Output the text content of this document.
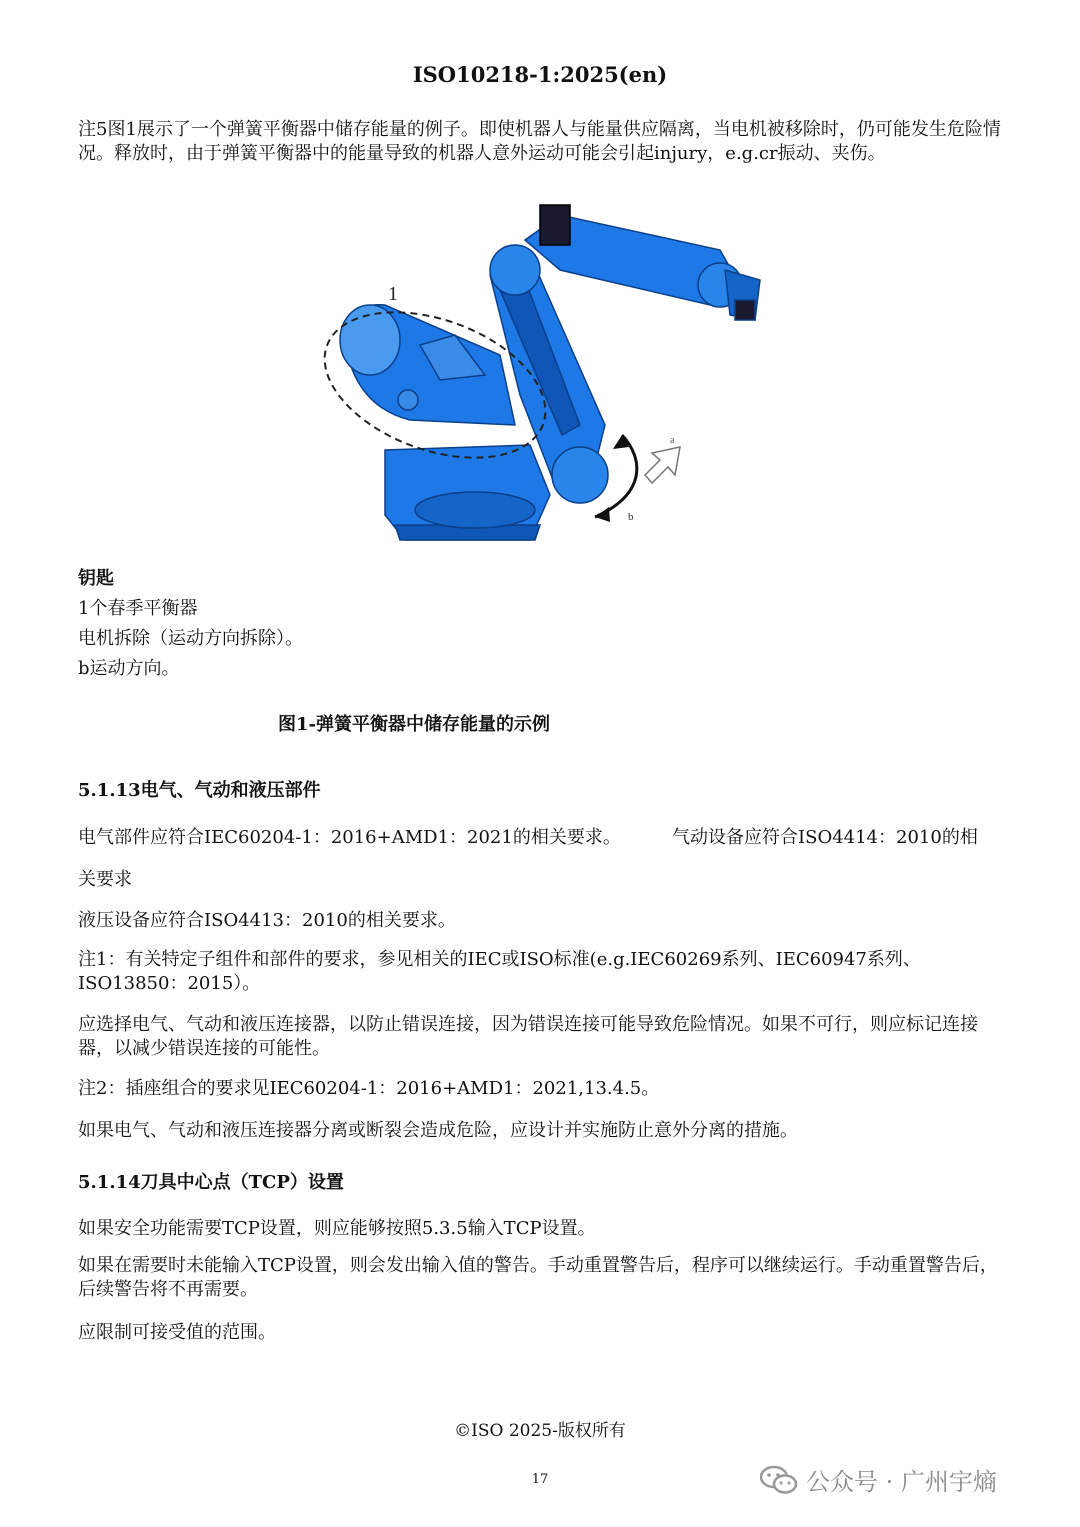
ISO10218-1:2025(en)
注5图1展示了一个弹簧平衡器中储存能量的例子。即使机器人与能量供应隔离，当电机被移除时，仍可能发生危险情况。释放时，由于弹簧平衡器中的能量导致的机器人意外运动可能会引起injury，e.g.cr振动、夹伤。
1
b
a
钥匙
1个春季平衡器
电机拆除（运动方向拆除）。
b运动方向。
图1-弹簧平衡器中储存能量的示例
5.1.13电气、气动和液压部件
电气部件应符合IEC60204-1：2016+AMD1：2021的相关要求。	气动设备应符合ISO4414：2010的相
关要求
液压设备应符合ISO4413：2010的相关要求。
注1：有关特定子组件和部件的要求，参见相关的IEC或ISO标准(e.g.IEC60269系列、IEC60947系列、ISO13850：2015）。
应选择电气、气动和液压连接器，以防止错误连接，因为错误连接可能导致危险情况。如果不可行，则应标记连接器，以减少错误连接的可能性。
注2：插座组合的要求见IEC60204-1：2016+AMD1：2021,13.4.5。
如果电气、气动和液压连接器分离或断裂会造成危险，应设计并实施防止意外分离的措施。
5.1.14刀具中心点（TCP）设置
如果安全功能需要TCP设置，则应能够按照5.3.5输入TCP设置。
如果在需要时未能输入TCP设置，则会发出输入值的警告。手动重置警告后，程序可以继续运行。手动重置警告后，后续警告将不再需要。
应限制可接受值的范围。
©ISO 2025-版权所有
17	公众号 · 广州宇熵
